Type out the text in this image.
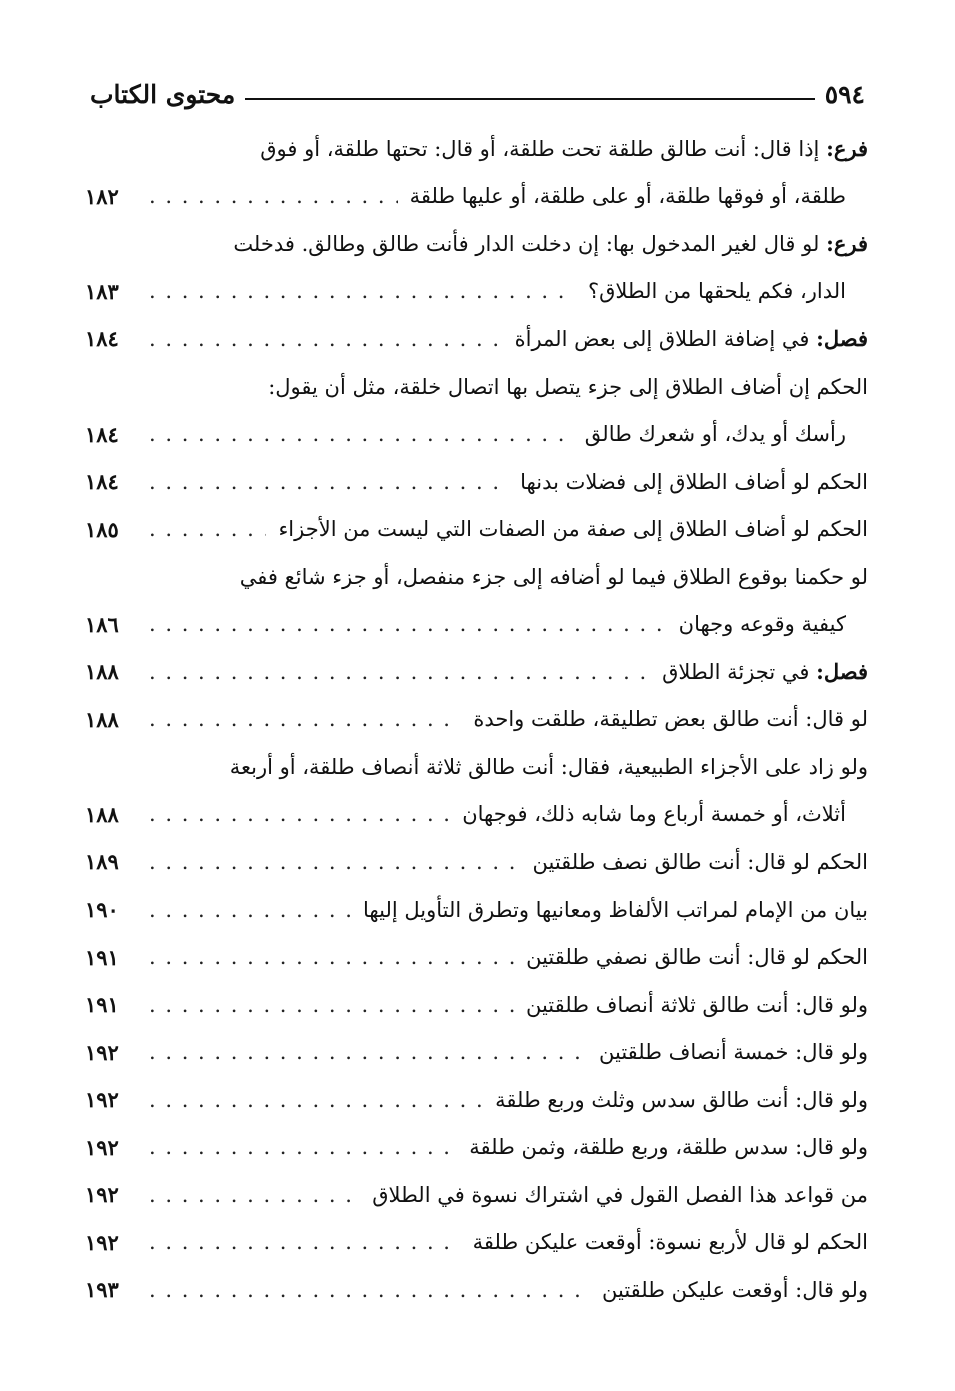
٥٩٤
محتوى الكتاب
فرع: إذا قال: أنت طالق طلقة تحت طلقة، أو قال: تحتها طلقة، أو فوق
طلقة، أو فوقها طلقة، أو على طلقة، أو عليها طلقة
. . .
١٨٢
فرع: لو قال لغير المدخول بها: إن دخلت الدار فأنت طالق وطالق. فدخلت
الدار، فكم يلحقها من الطلاق؟
. . .
١٨٣
فصل: في إضافة الطلاق إلى بعض المرأة
. . .
١٨٤
الحكم إن أضاف الطلاق إلى جزء يتصل بها اتصال خلقة، مثل أن يقول:
رأسك أو يدك، أو شعرك طالق
. . .
١٨٤
الحكم لو أضاف الطلاق إلى فضلات بدنها
. . .
١٨٤
الحكم لو أضاف الطلاق إلى صفة من الصفات التي ليست من الأجزاء
. . .
١٨٥
لو حكمنا بوقوع الطلاق فيما لو أضافه إلى جزء منفصل، أو جزء شائع ففي
كيفية وقوعه وجهان
. . .
١٨٦
فصل: في تجزئة الطلاق
. . .
١٨٨
لو قال: أنت طالق بعض تطليقة، طلقت واحدة
. . .
١٨٨
ولو زاد على الأجزاء الطبيعية، فقال: أنت طالق ثلاثة أنصاف طلقة، أو أربعة
أثلاث، أو خمسة أرباع وما شابه ذلك، فوجهان
. . .
١٨٨
الحكم لو قال: أنت طالق نصف طلقتين
. . .
١٨٩
بيان من الإمام لمراتب الألفاظ ومعانيها وتطرق التأويل إليها
. . .
١٩٠
الحكم لو قال: أنت طالق نصفي طلقتين
. . .
١٩١
ولو قال: أنت طالق ثلاثة أنصاف طلقتين
. . .
١٩١
ولو قال: خمسة أنصاف طلقتين
. . .
١٩٢
ولو قال: أنت طالق سدس وثلث وربع طلقة
. . .
١٩٢
ولو قال: سدس طلقة، وربع طلقة، وثمن طلقة
. . .
١٩٢
من قواعد هذا الفصل القول في اشتراك نسوة في الطلاق
. . .
١٩٢
الحكم لو قال لأربع نسوة: أوقعت عليكن طلقة
. . .
١٩٢
ولو قال: أوقعت عليكن طلقتين
. . .
١٩٣
